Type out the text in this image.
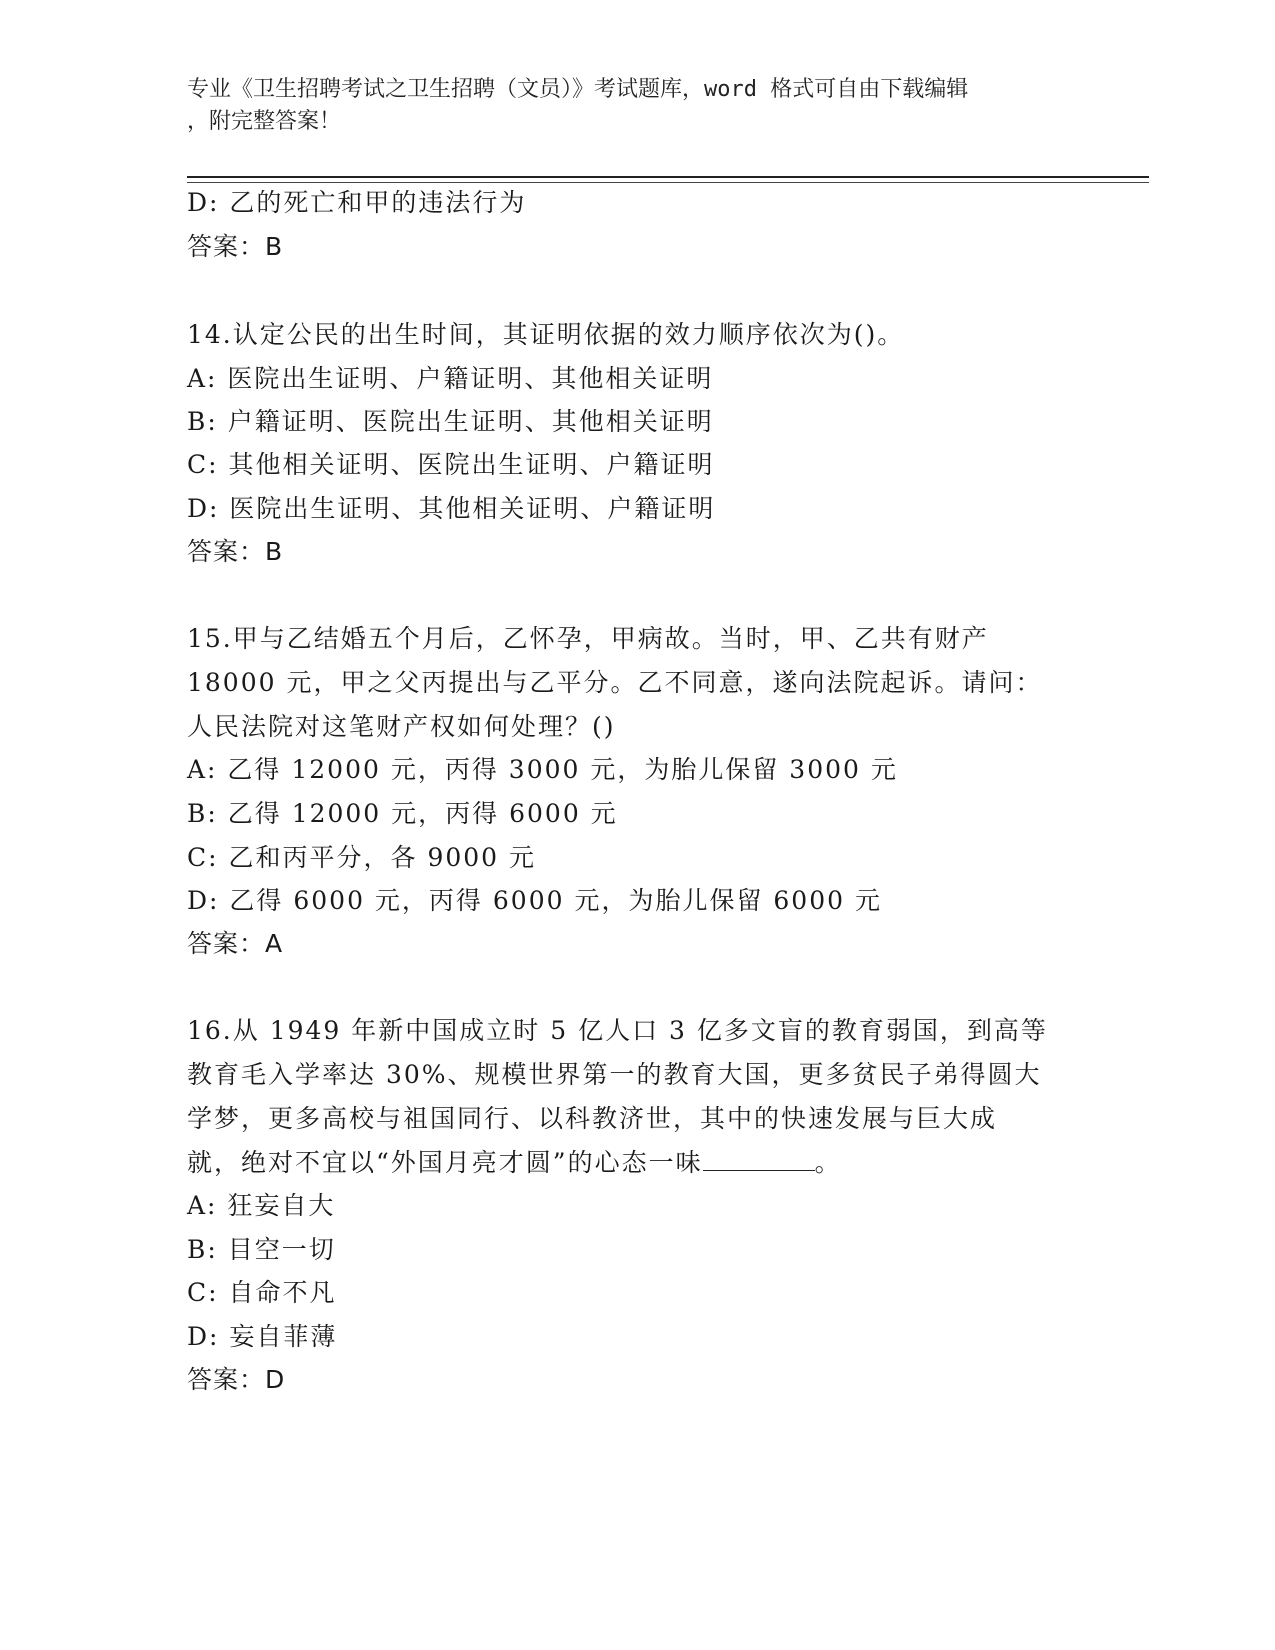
专业《卫生招聘考试之卫生招聘（文员）》考试题库，word 格式可自由下载编辑
，附完整答案！
D: 乙的死亡和甲的违法行为
答案：B
14.认定公民的出生时间，其证明依据的效力顺序依次为()。
A: 医院出生证明、户籍证明、其他相关证明
B: 户籍证明、医院出生证明、其他相关证明
C: 其他相关证明、医院出生证明、户籍证明
D: 医院出生证明、其他相关证明、户籍证明
答案：B
15.甲与乙结婚五个月后，乙怀孕，甲病故。当时，甲、乙共有财产
18000 元，甲之父丙提出与乙平分。乙不同意，遂向法院起诉。请问：
人民法院对这笔财产权如何处理？()
A: 乙得 12000 元，丙得 3000 元，为胎儿保留 3000 元
B: 乙得 12000 元，丙得 6000 元
C: 乙和丙平分，各 9000 元
D: 乙得 6000 元，丙得 6000 元，为胎儿保留 6000 元
答案：A
16.从 1949 年新中国成立时 5 亿人口 3 亿多文盲的教育弱国，到高等
教育毛入学率达 30%、规模世界第一的教育大国，更多贫民子弟得圆大
学梦，更多高校与祖国同行、以科教济世，其中的快速发展与巨大成
就，绝对不宜以“外国月亮才圆”的心态一味	。
A: 狂妄自大
B: 目空一切
C: 自命不凡
D: 妄自菲薄
答案：D
